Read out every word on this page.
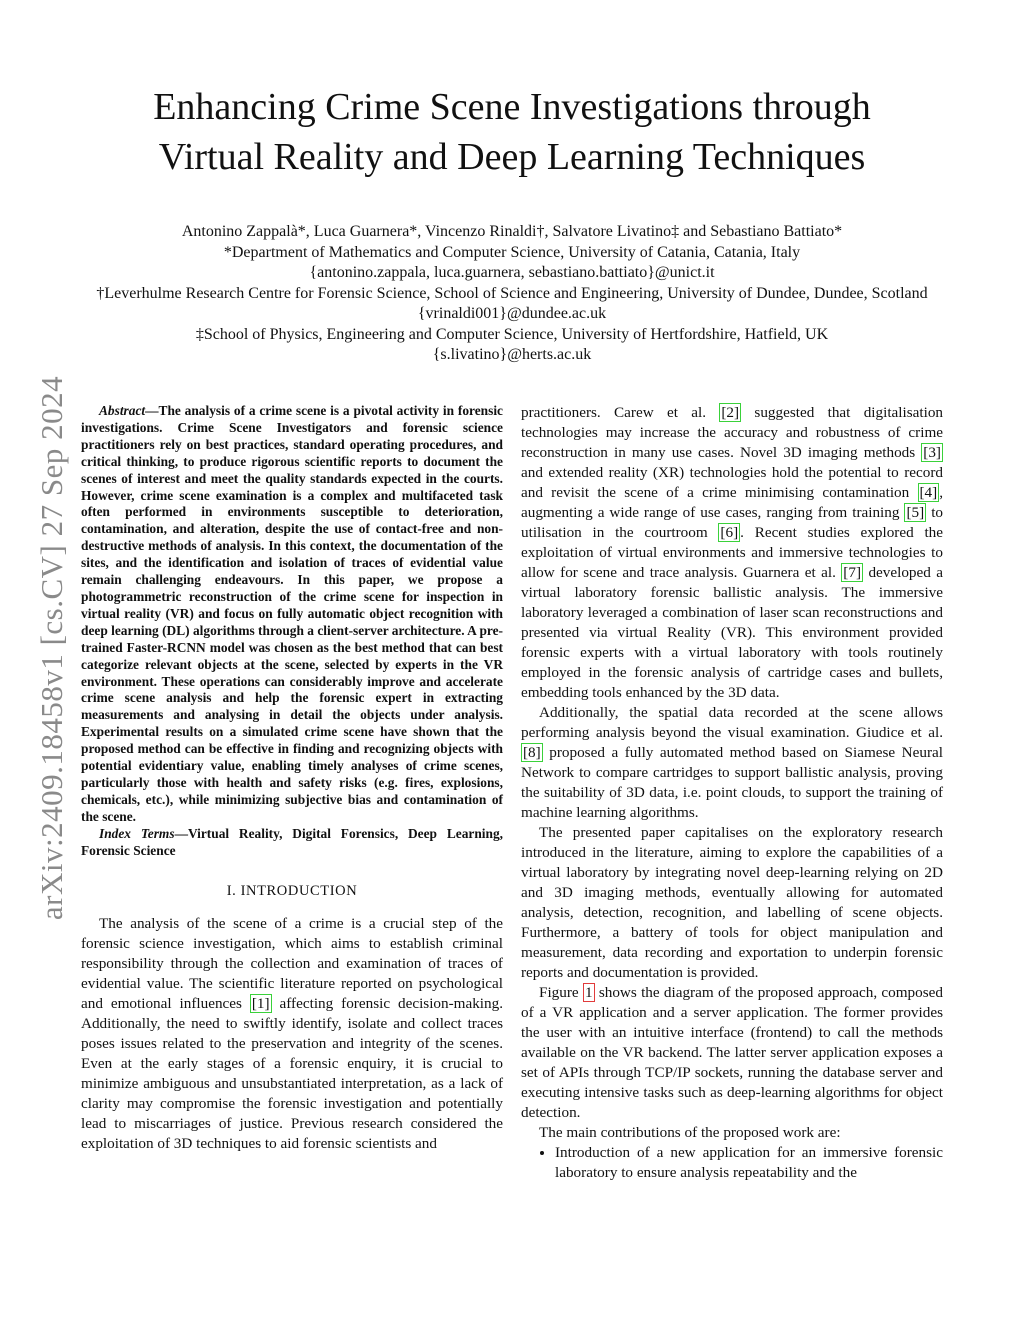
Enhancing Crime Scene Investigations through
Virtual Reality and Deep Learning Techniques
Antonino Zappalà*, Luca Guarnera*, Vincenzo Rinaldi†, Salvatore Livatino‡ and Sebastiano Battiato*
*Department of Mathematics and Computer Science, University of Catania, Catania, Italy
{antonino.zappala, luca.guarnera, sebastiano.battiato}@unict.it
†Leverhulme Research Centre for Forensic Science, School of Science and Engineering, University of Dundee, Dundee, Scotland
{vrinaldi001}@dundee.ac.uk
‡School of Physics, Engineering and Computer Science, University of Hertfordshire, Hatfield, UK
{s.livatino}@herts.ac.uk
arXiv:2409.18458v1 [cs.CV] 27 Sep 2024	Abstract—The analysis of a crime scene is a pivotal activity in forensic investigations. Crime Scene Investigators and forensic science practitioners rely on best practices, standard operating procedures, and critical thinking, to produce rigorous scientific reports to document the scenes of interest and meet the quality standards expected in the courts. However, crime scene examination is a complex and multifaceted task often performed in environments susceptible to deterioration, contamination, and alteration, despite the use of contact-free and non-destructive methods of analysis. In this context, the documentation of the sites, and the identification and isolation of traces of evidential value remain challenging endeavours. In this paper, we propose a photogrammetric reconstruction of the crime scene for inspection in virtual reality (VR) and focus on fully automatic object recognition with deep learning (DL) algorithms through a client-server architecture. A pre-trained Faster-RCNN model was chosen as the best method that can best categorize relevant objects at the scene, selected by experts in the VR environment. These operations can considerably improve and accelerate crime scene analysis and help the forensic expert in extracting measurements and analysing in detail the objects under analysis. Experimental results on a simulated crime scene have shown that the proposed method can be effective in finding and recognizing objects with potential evidentiary value, enabling timely analyses of crime scenes, particularly those with health and safety risks (e.g. fires, explosions, chemicals, etc.), while minimizing subjective bias and contamination of the scene.

Index Terms—Virtual Reality, Digital Forensics, Deep Learning, Forensic Science

I. INTRODUCTION

The analysis of the scene of a crime is a crucial step of the forensic science investigation, which aims to establish criminal responsibility through the collection and examination of traces of evidential value. The scientific literature reported on psychological and emotional influences [1] affecting forensic decision-making. Additionally, the need to swiftly identify, isolate and collect traces poses issues related to the preservation and integrity of the scenes. Even at the early stages of a forensic enquiry, it is crucial to minimize ambiguous and unsubstantiated interpretation, as a lack of clarity may compromise the forensic investigation and potentially lead to miscarriages of justice. Previous research considered the exploitation of 3D techniques to aid forensic scientists and

practitioners. Carew et al. [2] suggested that digitalisation technologies may increase the accuracy and robustness of crime reconstruction in many use cases. Novel 3D imaging methods [3] and extended reality (XR) technologies hold the potential to record and revisit the scene of a crime minimising contamination [4] , augmenting a wide range of use cases, ranging from training [5] to utilisation in the courtroom [6] . Recent studies explored the exploitation of virtual environments and immersive technologies to allow for scene and trace analysis. Guarnera et al. [7] developed a virtual laboratory forensic ballistic analysis. The immersive laboratory leveraged a combination of laser scan reconstructions and presented via virtual Reality (VR). This environment provided forensic experts with a virtual laboratory with tools routinely employed in the forensic analysis of cartridge cases and bullets, embedding tools enhanced by the 3D data.

Additionally, the spatial data recorded at the scene allows performing analysis beyond the visual examination. Giudice et al. [8] proposed a fully automated method based on Siamese Neural Network to compare cartridges to support ballistic analysis, proving the suitability of 3D data, i.e. point clouds, to support the training of machine learning algorithms.

The presented paper capitalises on the exploratory research introduced in the literature, aiming to explore the capabilities of a virtual laboratory by integrating novel deep-learning relying on 2D and 3D imaging methods, eventually allowing for automated analysis, detection, recognition, and labelling of scene objects. Furthermore, a battery of tools for object manipulation and measurement, data recording and exportation to underpin forensic reports and documentation is provided.

Figure 1 shows the diagram of the proposed approach, composed of a VR application and a server application. The former provides the user with an intuitive interface (frontend) to call the methods available on the VR backend. The latter server application exposes a set of APIs through TCP/IP sockets, running the database server and executing intensive tasks such as deep-learning algorithms for object detection.

The main contributions of the proposed work are:

• Introduction of a new application for an immersive forensic laboratory to ensure analysis repeatability and the
